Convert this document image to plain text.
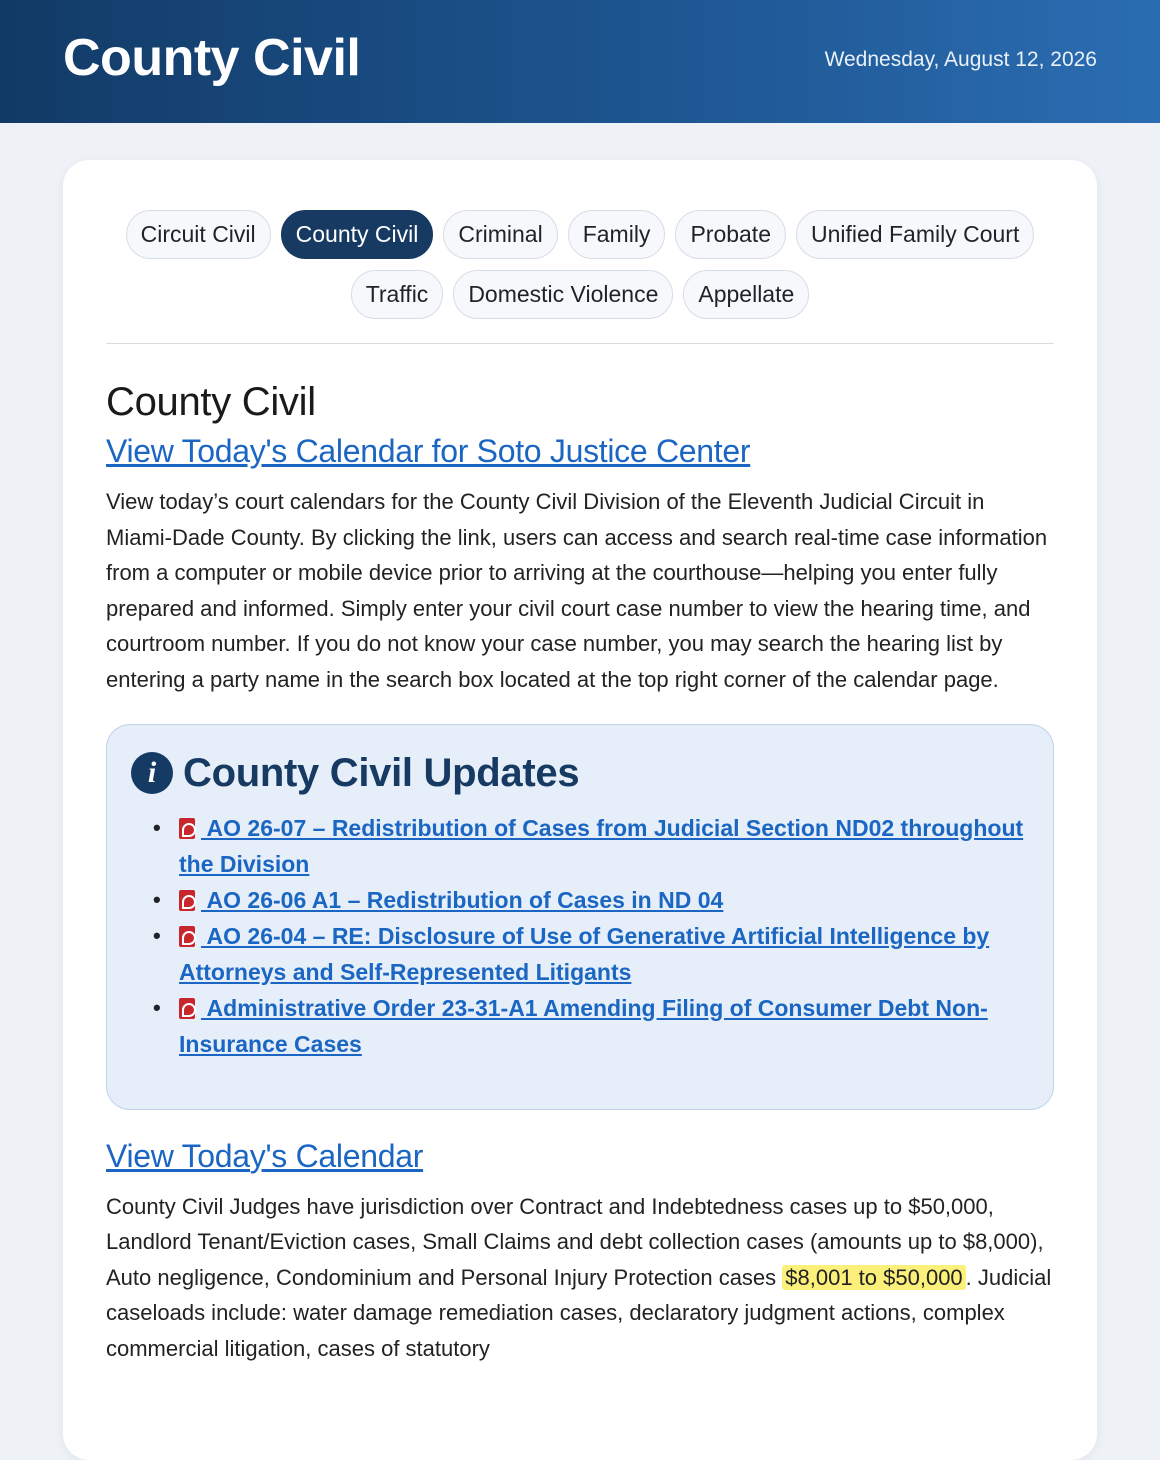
County Civil	Wednesday, August 12, 2026
Circuit Civil	County Civil	Criminal	Family	Probate	Unified Family Court
Traffic	Domestic Violence	Appellate
County Civil
View Today's Calendar for Soto Justice Center

View today’s court calendars for the County Civil Division of the Eleventh Judicial Circuit in Miami-Dade County. By clicking the link, users can access and search real-time case information from a computer or mobile device prior to arriving at the courthouse—helping you enter fully prepared and informed. Simply enter your civil court case number to view the hearing time, and courtroom number. If you do not know your case number, you may search the hearing list by entering a party name in the search box located at the top right corner of the calendar page.

i County Civil Updates
•  AO 26-07 – Redistribution of Cases from Judicial Section ND02 throughout the Division
•  AO 26-06 A1 – Redistribution of Cases in ND 04
•  AO 26-04 – RE: Disclosure of Use of Generative Artificial Intelligence by Attorneys and Self-Represented Litigants
•  Administrative Order 23-31-A1 Amending Filing of Consumer Debt Non-Insurance Cases
View Today's Calendar

County Civil Judges have jurisdiction over Contract and Indebtedness cases up to $50,000, Landlord Tenant/Eviction cases, Small Claims and debt collection cases (amounts up to $8,000), Auto negligence, Condominium and Personal Injury Protection cases $8,001 to $50,000 . Judicial caseloads include: water damage remediation cases, declaratory judgment actions, complex commercial litigation, cases of statutory
